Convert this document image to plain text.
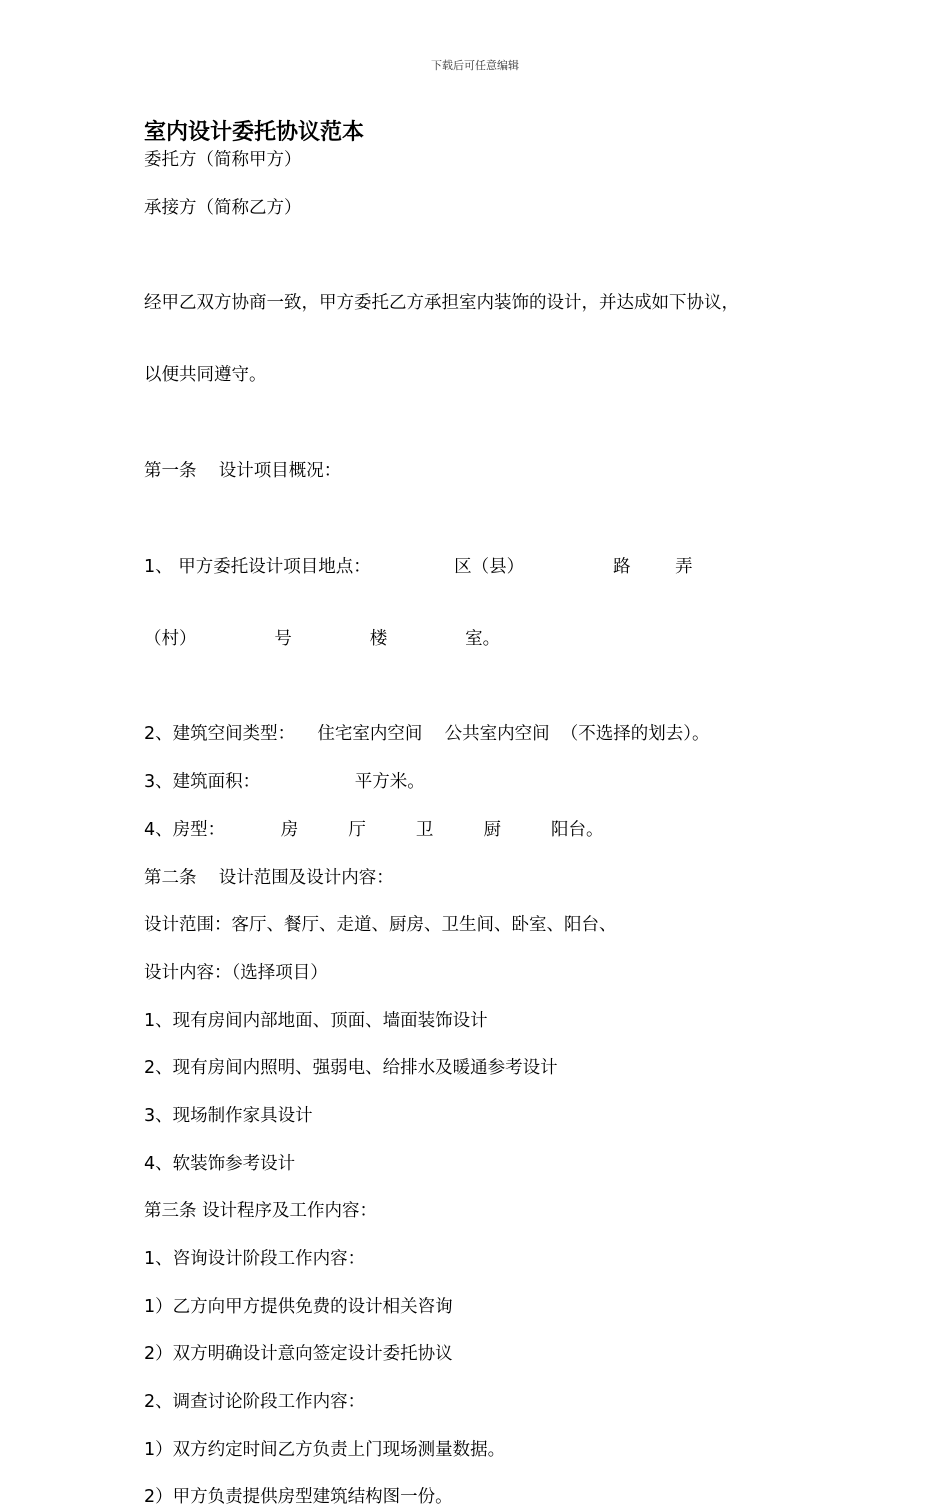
下载后可任意编辑
室内设计委托协议范本
委托方（简称甲方）
承接方（简称乙方）

经甲乙双方协商一致，甲方委托乙方承担室内装饰的设计，并达成如下协议，

以便共同遵守。

第一条    设计项目概况：

1、 甲方委托设计项目地点：               区（县）                路        弄

（村）              号              楼              室。

2、建筑空间类型：    住宅室内空间    公共室内空间  （不选择的划去）。
3、建筑面积：                 平方米。
4、房型：          房         厅         卫         厨         阳台。
第二条    设计范围及设计内容：
设计范围：客厅、餐厅、走道、厨房、卫生间、卧室、阳台、
设计内容：（选择项目）
1、现有房间内部地面、顶面、墙面装饰设计
2、现有房间内照明、强弱电、给排水及暖通参考设计
3、现场制作家具设计
4、软装饰参考设计
第三条 设计程序及工作内容：
1、咨询设计阶段工作内容：
1）乙方向甲方提供免费的设计相关咨询
2）双方明确设计意向签定设计委托协议
2、调查讨论阶段工作内容：
1）双方约定时间乙方负责上门现场测量数据。
2）甲方负责提供房型建筑结构图一份。
